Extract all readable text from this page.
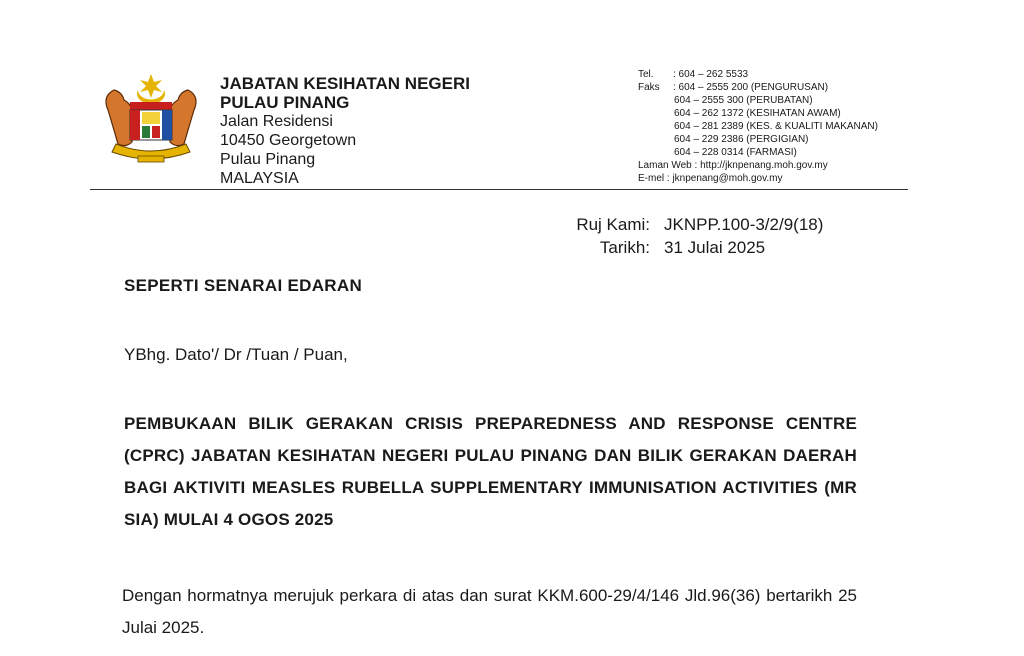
JABATAN KESIHATAN NEGERI
PULAU PINANG
Jalan Residensi
10450 Georgetown
Pulau Pinang
MALAYSIA
Tel. : 604 – 262 5533
Faks : 604 – 2555 200 (PENGURUSAN)
604 – 2555 300 (PERUBATAN)
604 – 262 1372 (KESIHATAN AWAM)
604 – 281 2389 (KES. & KUALITI MAKANAN)
604 – 229 2386 (PERGIGIAN)
604 – 228 0314 (FARMASI)
Laman Web : http://jknpenang.moh.gov.my
E-mel : jknpenang@moh.gov.my
Ruj Kami:
Tarikh:
JKNPP.100-3/2/9(18)
31 Julai 2025
SEPERTI SENARAI EDARAN
YBhg. Dato'/ Dr /Tuan / Puan,
PEMBUKAAN BILIK GERAKAN CRISIS PREPAREDNESS AND RESPONSE CENTRE (CPRC) JABATAN KESIHATAN NEGERI PULAU PINANG DAN BILIK GERAKAN DAERAH BAGI AKTIVITI MEASLES RUBELLA SUPPLEMENTARY IMMUNISATION ACTIVITIES (MR SIA) MULAI 4 OGOS 2025
Dengan hormatnya merujuk perkara di atas dan surat KKM.600-29/4/146 Jld.96(36) bertarikh 25 Julai 2025.
